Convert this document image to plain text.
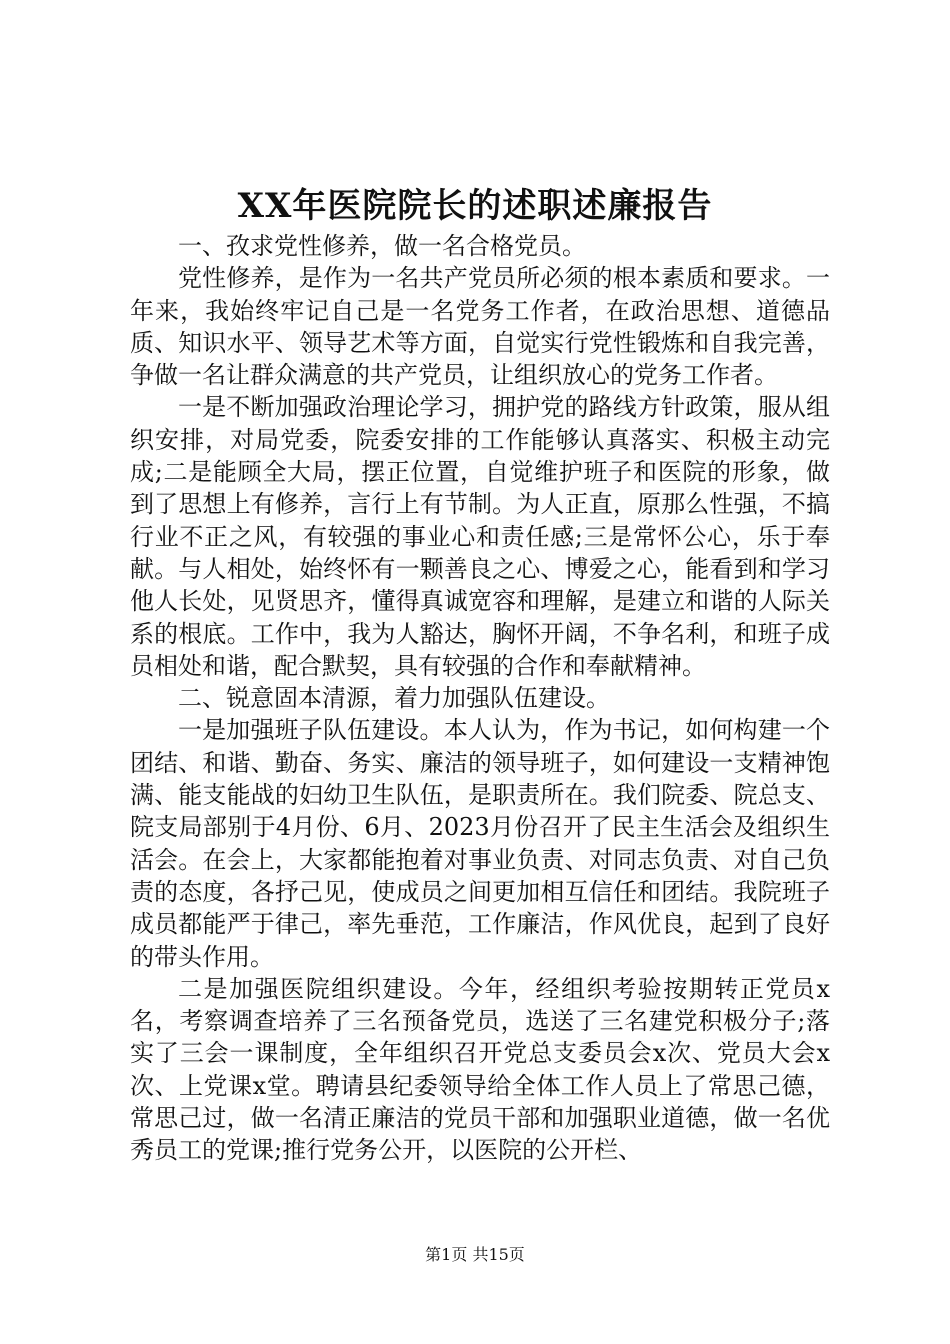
XX年医院院长的述职述廉报告

一、孜求党性修养，做一名合格党员。

党性修养，是作为一名共产党员所必须的根本素质和要求。一年来，我始终牢记自己是一名党务工作者，在政治思想、道德品质、知识水平、领导艺术等方面，自觉实行党性锻炼和自我完善，争做一名让群众满意的共产党员，让组织放心的党务工作者。

一是不断加强政治理论学习，拥护党的路线方针政策，服从组织安排，对局党委，院委安排的工作能够认真落实、积极主动完成;二是能顾全大局，摆正位置，自觉维护班子和医院的形象，做到了思想上有修养，言行上有节制。为人正直，原那么性强，不搞行业不正之风，有较强的事业心和责任感;三是常怀公心，乐于奉献。与人相处，始终怀有一颗善良之心、博爱之心，能看到和学习他人长处，见贤思齐，懂得真诚宽容和理解，是建立和谐的人际关系的根底。工作中，我为人豁达，胸怀开阔，不争名利，和班子成员相处和谐，配合默契，具有较强的合作和奉献精神。

二、锐意固本清源，着力加强队伍建设。

一是加强班子队伍建设。本人认为，作为书记，如何构建一个团结、和谐、勤奋、务实、廉洁的领导班子，如何建设一支精神饱满、能支能战的妇幼卫生队伍，是职责所在。我们院委、院总支、院支局部别于4月份、6月、2023月份召开了民主生活会及组织生活会。在会上，大家都能抱着对事业负责、对同志负责、对自己负责的态度，各抒己见，使成员之间更加相互信任和团结。我院班子成员都能严于律己，率先垂范，工作廉洁，作风优良，起到了良好的带头作用。

二是加强医院组织建设。今年，经组织考验按期转正党员x名，考察调查培养了三名预备党员，选送了三名建党积极分子;落实了三会一课制度，全年组织召开党总支委员会x次、党员大会x次、上党课x堂。聘请县纪委领导给全体工作人员上了常思己德，常思己过，做一名清正廉洁的党员干部和加强职业道德，做一名优秀员工的党课;推行党务公开，以医院的公开栏、

第1页 共15页
